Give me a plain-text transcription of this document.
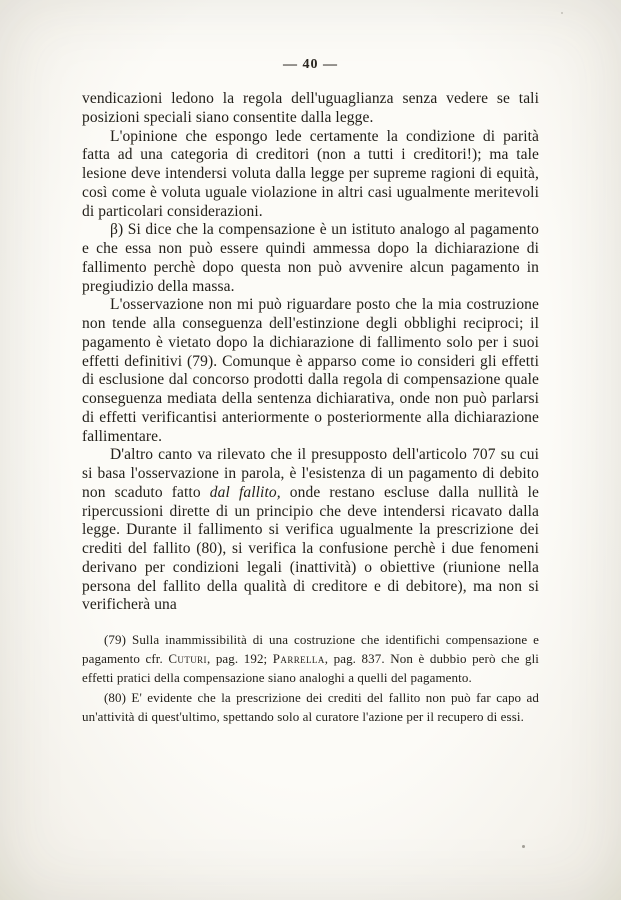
— 40 —

vendicazioni ledono la regola dell'uguaglianza senza vedere se tali posizioni speciali siano consentite dalla legge.

L'opinione che espongo lede certamente la condizione di parità fatta ad una categoria di creditori (non a tutti i creditori!); ma tale lesione deve intendersi voluta dalla legge per supreme ragioni di equità, così come è voluta uguale violazione in altri casi ugualmente meritevoli di particolari considerazioni.

β) Si dice che la compensazione è un istituto analogo al pagamento e che essa non può essere quindi ammessa dopo la dichiarazione di fallimento perchè dopo questa non può avvenire alcun pagamento in pregiudizio della massa.

L'osservazione non mi può riguardare posto che la mia costruzione non tende alla conseguenza dell'estinzione degli obblighi reciproci; il pagamento è vietato dopo la dichiarazione di fallimento solo per i suoi effetti definitivi (79). Comunque è apparso come io consideri gli effetti di esclusione dal concorso prodotti dalla regola di compensazione quale conseguenza mediata della sentenza dichiarativa, onde non può parlarsi di effetti verificantisi anteriormente o posteriormente alla dichiarazione fallimentare.

D'altro canto va rilevato che il presupposto dell'articolo 707 su cui si basa l'osservazione in parola, è l'esistenza di un pagamento di debito non scaduto fatto dal fallito, onde restano escluse dalla nullità le ripercussioni dirette di un principio che deve intendersi ricavato dalla legge. Durante il fallimento si verifica ugualmente la prescrizione dei crediti del fallito (80), si verifica la confusione perchè i due fenomeni derivano per condizioni legali (inattività) o obiettive (riunione nella persona del fallito della qualità di creditore e di debitore), ma non si verificherà una

(79) Sulla inammissibilità di una costruzione che identifichi compensazione e pagamento cfr. Cuturi, pag. 192; Parrella, pag. 837. Non è dubbio però che gli effetti pratici della compensazione siano analoghi a quelli del pagamento.

(80) E' evidente che la prescrizione dei crediti del fallito non può far capo ad un'attività di quest'ultimo, spettando solo al curatore l'azione per il recupero di essi.
